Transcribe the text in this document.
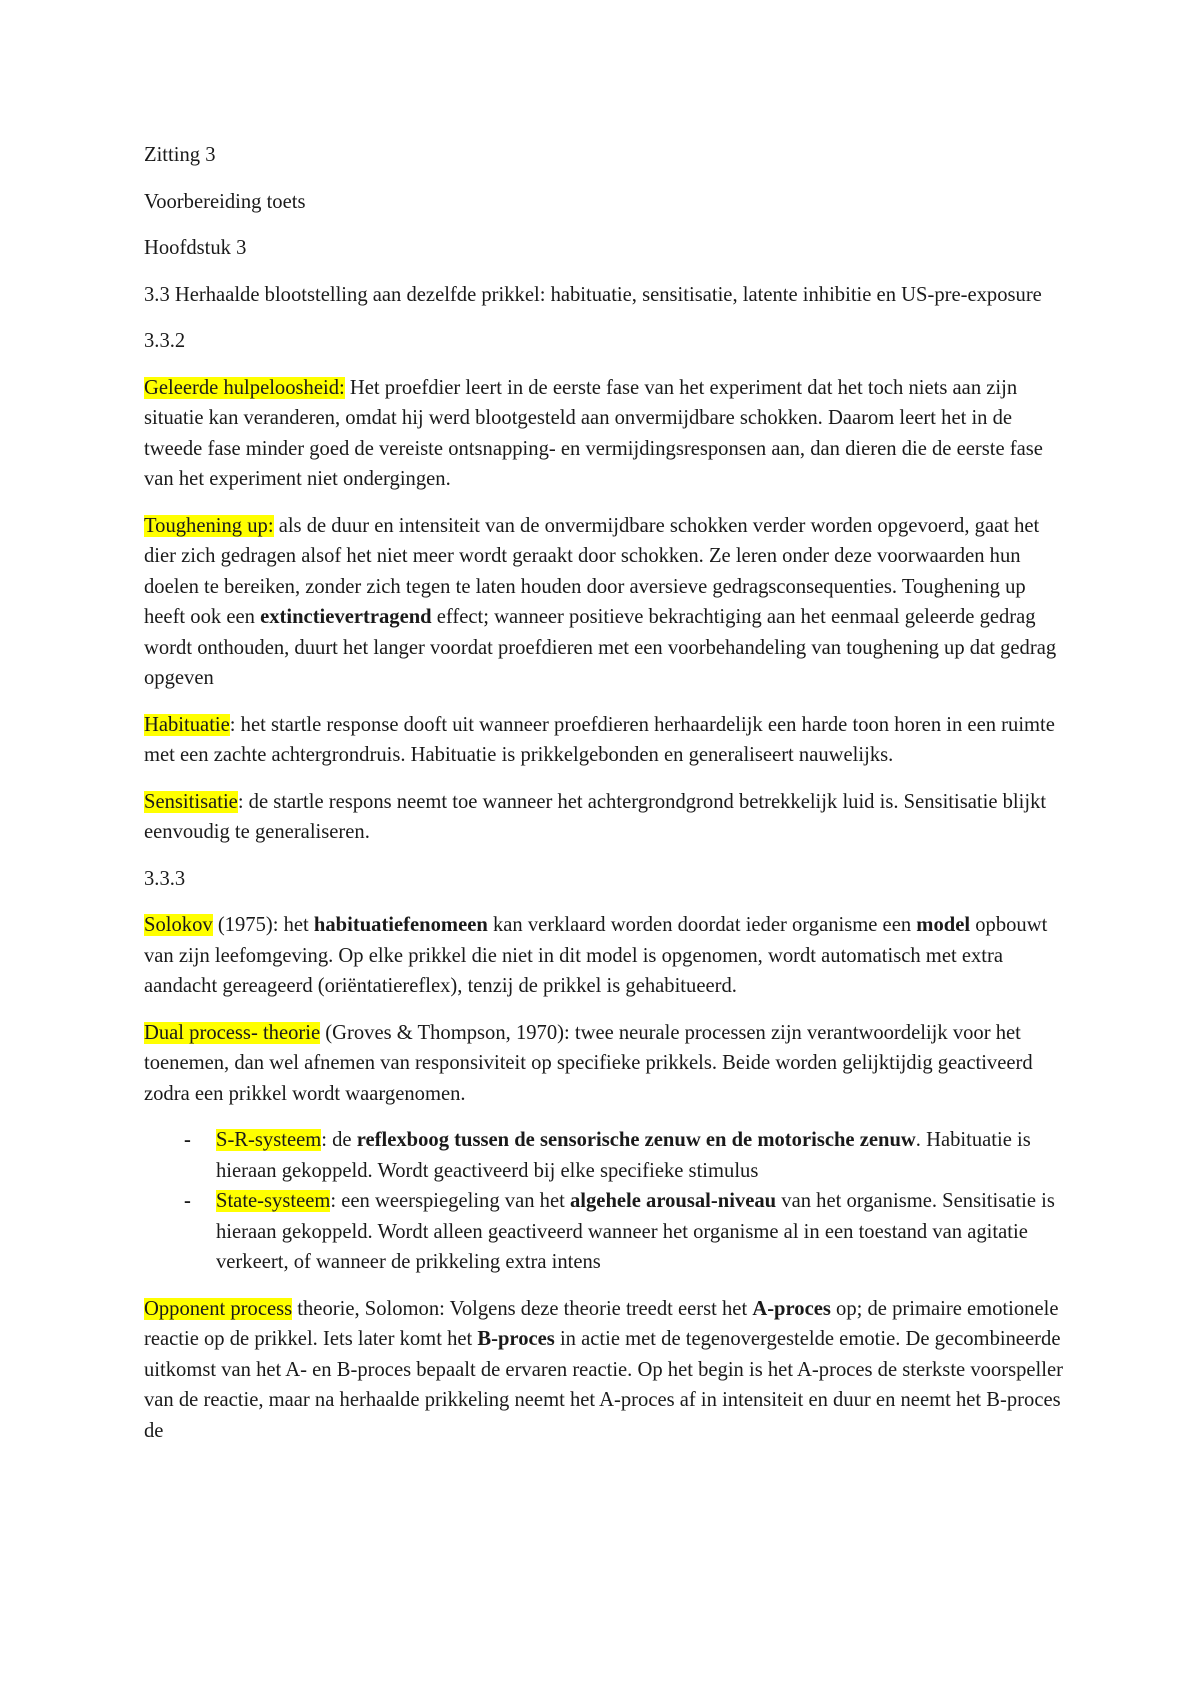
Zitting 3

Voorbereiding toets

Hoofdstuk 3

3.3 Herhaalde blootstelling aan dezelfde prikkel: habituatie, sensitisatie, latente inhibitie en US-pre-exposure

3.3.2

Geleerde hulpeloosheid: Het proefdier leert in de eerste fase van het experiment dat het toch niets aan zijn situatie kan veranderen, omdat hij werd blootgesteld aan onvermijdbare schokken. Daarom leert het in de tweede fase minder goed de vereiste ontsnapping- en vermijdingsresponsen aan, dan dieren die de eerste fase van het experiment niet ondergingen.

Toughening up: als de duur en intensiteit van de onvermijdbare schokken verder worden opgevoerd, gaat het dier zich gedragen alsof het niet meer wordt geraakt door schokken. Ze leren onder deze voorwaarden hun doelen te bereiken, zonder zich tegen te laten houden door aversieve gedragsconsequenties. Toughening up heeft ook een extinctievertragend effect; wanneer positieve bekrachtiging aan het eenmaal geleerde gedrag wordt onthouden, duurt het langer voordat proefdieren met een voorbehandeling van toughening up dat gedrag opgeven

Habituatie: het startle response dooft uit wanneer proefdieren herhaardelijk een harde toon horen in een ruimte met een zachte achtergrondruis. Habituatie is prikkelgebonden en generaliseert nauwelijks.

Sensitisatie: de startle respons neemt toe wanneer het achtergrondgrond betrekkelijk luid is. Sensitisatie blijkt eenvoudig te generaliseren.

3.3.3

Solokov (1975): het habituatiefenomeen kan verklaard worden doordat ieder organisme een model opbouwt van zijn leefomgeving. Op elke prikkel die niet in dit model is opgenomen, wordt automatisch met extra aandacht gereageerd (oriëntatiereflex), tenzij de prikkel is gehabitueerd.

Dual process- theorie (Groves & Thompson, 1970): twee neurale processen zijn verantwoordelijk voor het toenemen, dan wel afnemen van responsiviteit op specifieke prikkels. Beide worden gelijktijdig geactiveerd zodra een prikkel wordt waargenomen.

- S-R-systeem: de reflexboog tussen de sensorische zenuw en de motorische zenuw. Habituatie is hieraan gekoppeld. Wordt geactiveerd bij elke specifieke stimulus
- State-systeem: een weerspiegeling van het algehele arousal-niveau van het organisme. Sensitisatie is hieraan gekoppeld. Wordt alleen geactiveerd wanneer het organisme al in een toestand van agitatie verkeert, of wanneer de prikkeling extra intens

Opponent process theorie, Solomon: Volgens deze theorie treedt eerst het A-proces op; de primaire emotionele reactie op de prikkel. Iets later komt het B-proces in actie met de tegenovergestelde emotie. De gecombineerde uitkomst van het A- en B-proces bepaalt de ervaren reactie. Op het begin is het A-proces de sterkste voorspeller van de reactie, maar na herhaalde prikkeling neemt het A-proces af in intensiteit en duur en neemt het B-proces de
